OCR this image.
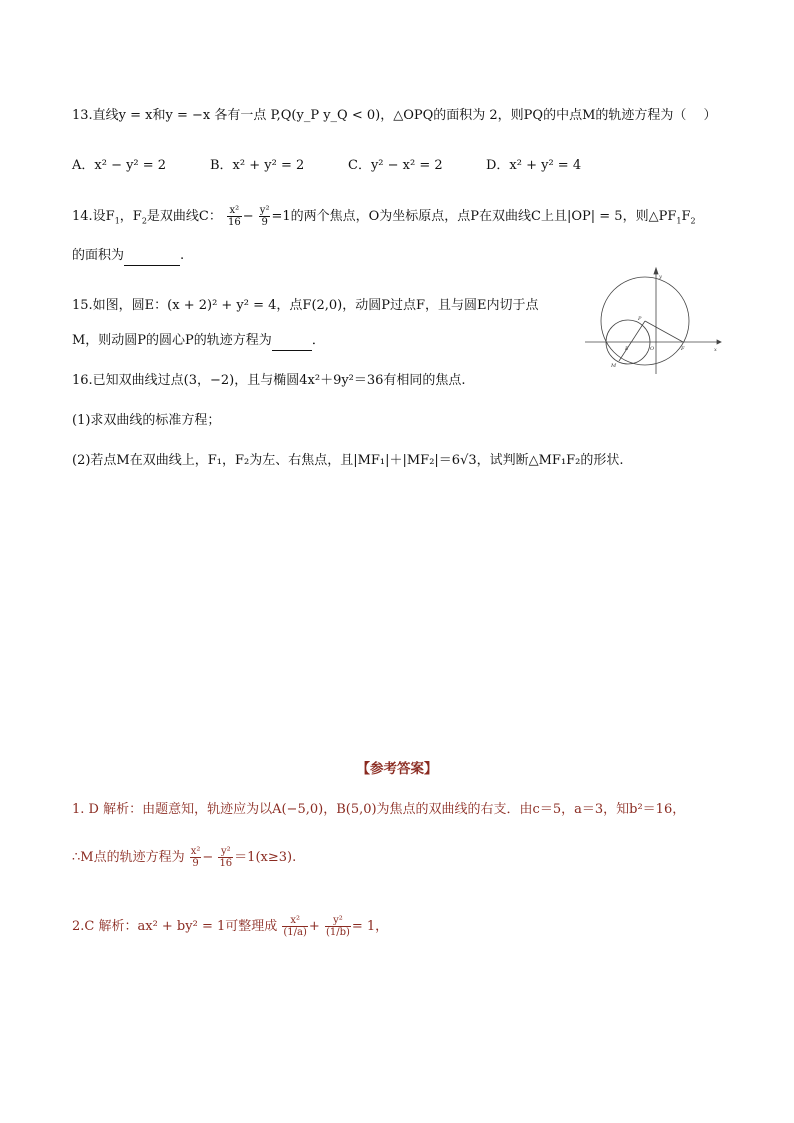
13.直线y = x和y = −x 各有一点 P,Q(y_P y_Q < 0)，△OPQ的面积为 2，则PQ的中点M的轨迹方程为（　 ）
A．x² − y² = 2	B．x² + y² = 2	C．y² − x² = 2	D．x² + y² = 4
14.设$F_1$，$F_2$是双曲线C： $\frac{\text{x²}}{16} - \frac{\text{y²}}{9} =1$的两个焦点，O为坐标原点，点P在双曲线C上且|OP| = 5，则$\triangle PF_1F_2$
的面积为	.
15.如图，圆E：(x + 2)² + y² = 4，点F(2,0)，动圆P过点F，且与圆E内切于点
M，则动圆P的圆心P的轨迹方程为	．
y
x
P
E	O	F
M
16.已知双曲线过点(3，−2)，且与椭圆4x²＋9y²＝36有相同的焦点.
(1)求双曲线的标准方程；
(2)若点M在双曲线上，F₁，F₂为左、右焦点，且|MF₁|＋|MF₂|＝6√3，试判断△MF₁F₂的形状.
【参考答案】
1. D 解析：由题意知，轨迹应为以A(−5,0)，B(5,0)为焦点的双曲线的右支．由c＝5，a＝3，知b²＝16，
∴M点的轨迹方程为 $\frac{\text{x²}}{9} - \frac{\text{y²}}{16} =1(x\ge 3)$.
2.C 解析：ax² + by² = 1可整理成 $\frac{\text{x²}}{(1/a)} + \frac{\text{y²}}{(1/b)} = 1$，
